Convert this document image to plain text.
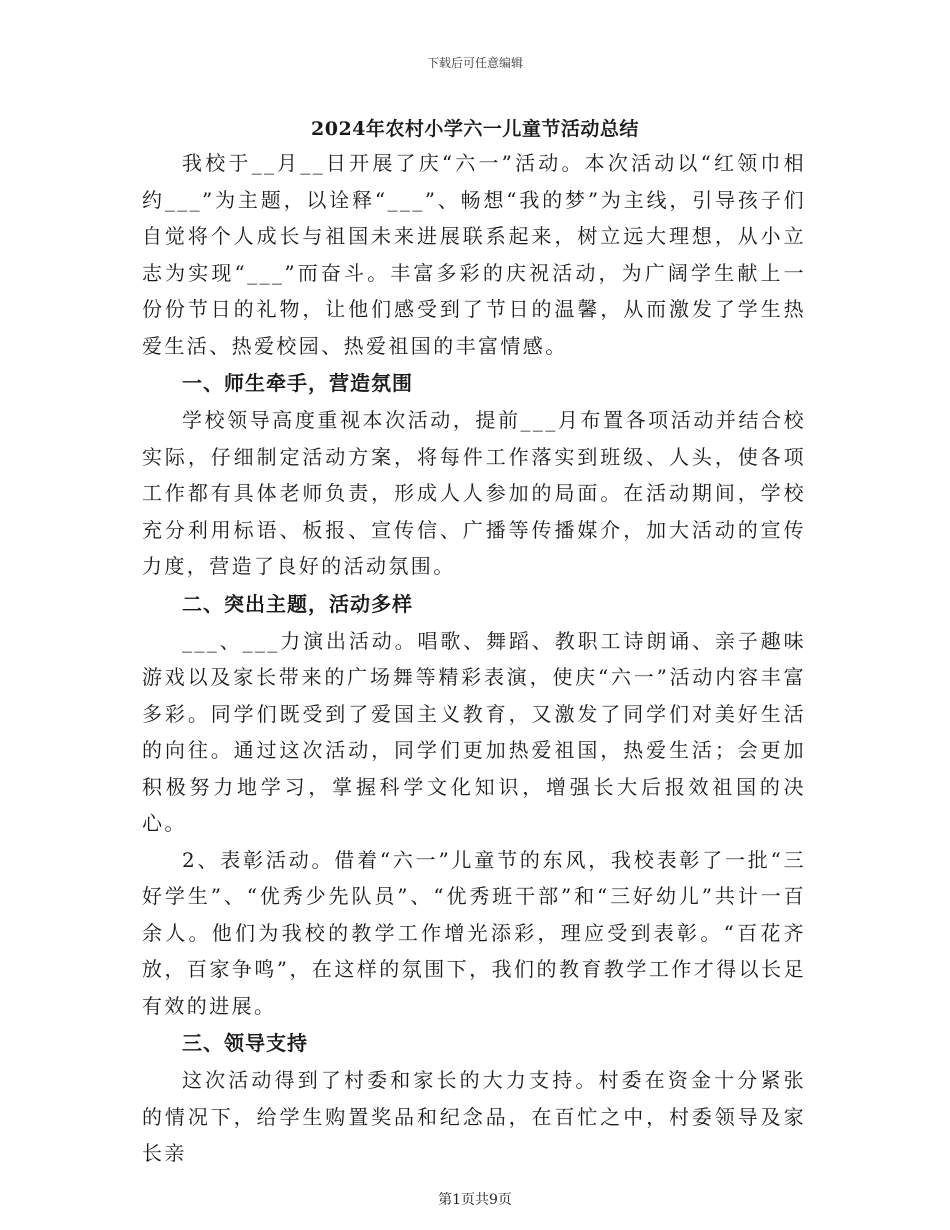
下载后可任意编辑
2024年农村小学六一儿童节活动总结

我校于__月__日开展了庆“六一”活动。本次活动以“红领巾相约___”为主题，以诠释“___”、畅想“我的梦”为主线，引导孩子们自觉将个人成长与祖国未来进展联系起来，树立远大理想，从小立志为实现“___”而奋斗。丰富多彩的庆祝活动，为广阔学生献上一份份节日的礼物，让他们感受到了节日的温馨，从而激发了学生热爱生活、热爱校园、热爱祖国的丰富情感。

一、师生牵手，营造氛围

学校领导高度重视本次活动，提前___月布置各项活动并结合校实际，仔细制定活动方案，将每件工作落实到班级、人头，使各项工作都有具体老师负责，形成人人参加的局面。在活动期间，学校充分利用标语、板报、宣传信、广播等传播媒介，加大活动的宣传力度，营造了良好的活动氛围。

二、突出主题，活动多样

___、___力演出活动。唱歌、舞蹈、教职工诗朗诵、亲子趣味游戏以及家长带来的广场舞等精彩表演，使庆“六一”活动内容丰富多彩。同学们既受到了爱国主义教育，又激发了同学们对美好生活的向往。通过这次活动，同学们更加热爱祖国，热爱生活；会更加积极努力地学习，掌握科学文化知识，增强长大后报效祖国的决心。

2、表彰活动。借着“六一”儿童节的东风，我校表彰了一批“三好学生”、“优秀少先队员”、“优秀班干部”和“三好幼儿”共计一百余人。他们为我校的教学工作增光添彩，理应受到表彰。“百花齐放，百家争鸣”，在这样的氛围下，我们的教育教学工作才得以长足有效的进展。

三、领导支持

这次活动得到了村委和家长的大力支持。村委在资金十分紧张的情况下，给学生购置奖品和纪念品，在百忙之中，村委领导及家长亲

第1页共9页
